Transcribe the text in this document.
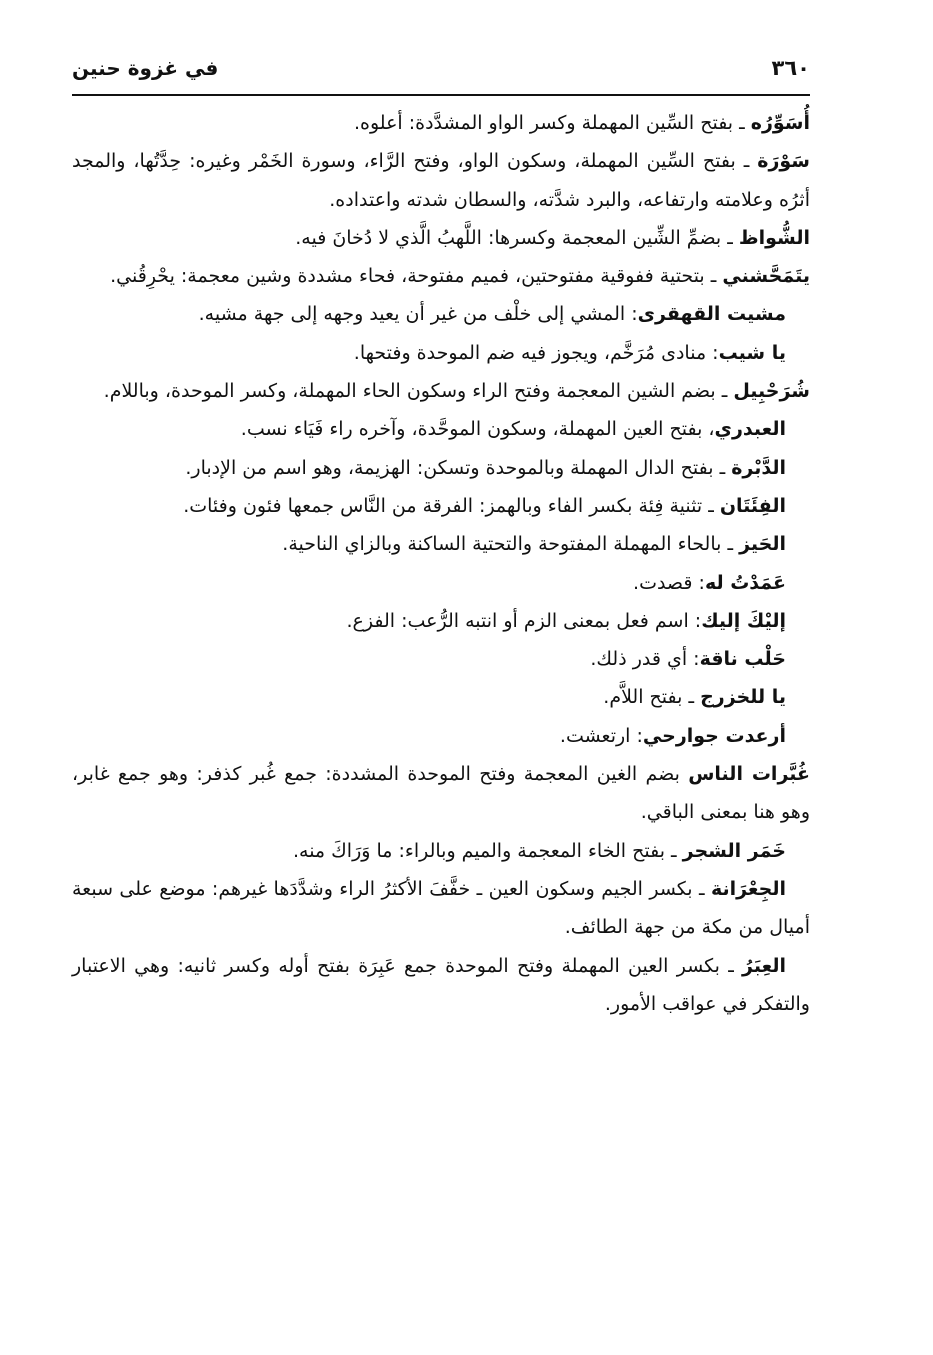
٣٦٠
في غزوة حنين

أُسَوِّرُه ـ بفتح السِّين المهملة وكسر الواو المشدَّدة: أعلوه.

سَوْرَة ـ بفتح السِّين المهملة، وسكون الواو، وفتح الرَّاء، وسورة الخَمْر وغيره: حِدَّتُها، والمجد أثرُه وعلامته وارتفاعه، والبرد شدَّته، والسطان شدته واعتداده.

الشُّواظ ـ بضمِّ الشِّين المعجمة وكسرها: اللَّهبُ الَّذي لا دُخانَ فيه.

يتَمَحَّشني ـ بتحتية ففوقية مفتوحتين، فميم مفتوحة، فحاء مشددة وشين معجمة: يحْرِقُني.

مشيت القهقرى: المشي إلى خلْف من غير أن يعيد وجهه إلى جهة مشيه.

يا شيب: منادى مُرَخَّم، ويجوز فيه ضم الموحدة وفتحها.

شُرَحْبِيل ـ بضم الشين المعجمة وفتح الراء وسكون الحاء المهملة، وكسر الموحدة، وباللام.

العبدري، بفتح العين المهملة، وسكون الموحَّدة، وآخره راء فَيَاء نسب.

الدَّبْرة ـ بفتح الدال المهملة وبالموحدة وتسكن: الهزيمة، وهو اسم من الإدبار.

الفِئَتَان ـ تثنية فِئة بكسر الفاء وبالهمز: الفرقة من النَّاس جمعها فئون وفئات.

الحَيز ـ بالحاء المهملة المفتوحة والتحتية الساكنة وبالزاي الناحية.

عَمَدْتُ له: قصدت.

إليْكَ إليك: اسم فعل بمعنى الزم أو انتبه الرُّعب: الفزع.

حَلْب ناقة: أي قدر ذلك.

يا للخزرج ـ بفتح اللاَّم.

أرعدت جوارحي: ارتعشت.

غُبَّرات الناس بضم الغين المعجمة وفتح الموحدة المشددة: جمع غُبر كذفر: وهو جمع غابر، وهو هنا بمعنى الباقي.

خَمَر الشجر ـ بفتح الخاء المعجمة والميم وبالراء: ما وَرَاكَ منه.

الجِعْرَانة ـ بكسر الجيم وسكون العين ـ خفَّفَ الأكثرُ الراء وشدَّدَها غيرهم: موضع على سبعة أميال من مكة من جهة الطائف.

العِبَرُ ـ بكسر العين المهملة وفتح الموحدة جمع عَبِرَة بفتح أوله وكسر ثانيه: وهي الاعتبار والتفكر في عواقب الأمور.
